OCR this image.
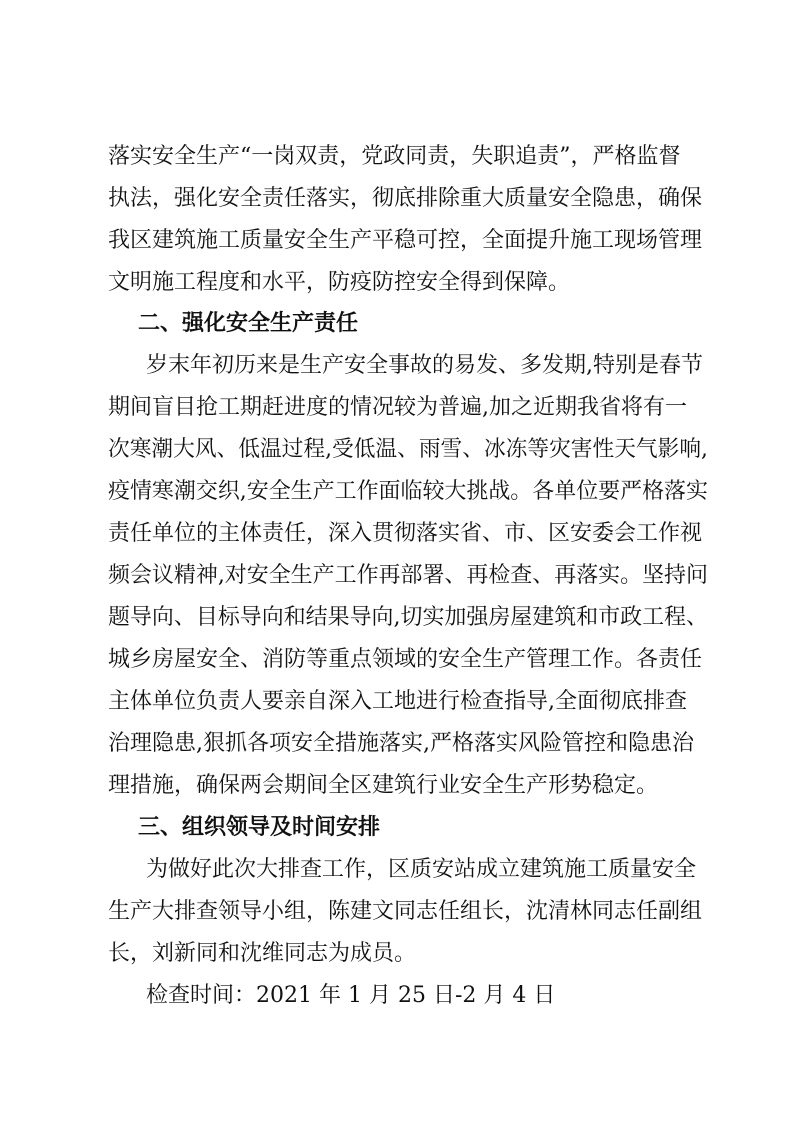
落实安全生产“一岗双责，党政同责，失职追责”，严格监督
执法，强化安全责任落实，彻底排除重大质量安全隐患，确保
我区建筑施工质量安全生产平稳可控，全面提升施工现场管理
文明施工程度和水平，防疫防控安全得到保障。
二、强化安全生产责任
岁末年初历来是生产安全事故的易发、多发期,特别是春节
期间盲目抢工期赶进度的情况较为普遍,加之近期我省将有一
次寒潮大风、低温过程,受低温、雨雪、冰冻等灾害性天气影响,
疫情寒潮交织,安全生产工作面临较大挑战。各单位要严格落实
责任单位的主体责任，深入贯彻落实省、市、区安委会工作视
频会议精神,对安全生产工作再部署、再检查、再落实。坚持问
题导向、目标导向和结果导向,切实加强房屋建筑和市政工程、
城乡房屋安全、消防等重点领域的安全生产管理工作。各责任
主体单位负责人要亲自深入工地进行检查指导,全面彻底排查
治理隐患,狠抓各项安全措施落实,严格落实风险管控和隐患治
理措施，确保两会期间全区建筑行业安全生产形势稳定。
三、组织领导及时间安排
为做好此次大排查工作，区质安站成立建筑施工质量安全
生产大排查领导小组，陈建文同志任组长，沈清林同志任副组
长，刘新同和沈维同志为成员。
检查时间：2021 年 1 月 25 日-2 月 4 日
